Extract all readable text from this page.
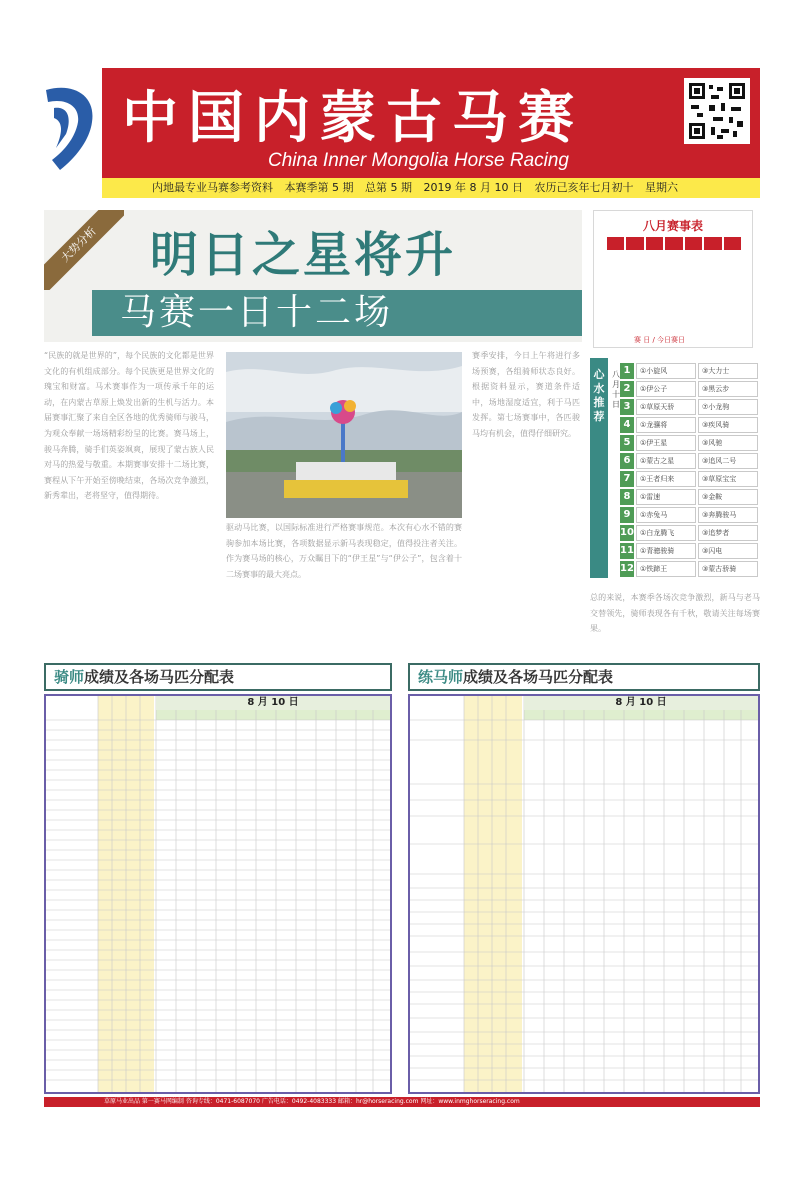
中国内蒙古马赛
China Inner Mongolia Horse Racing
内地最专业马赛参考资料 本赛季第 5 期 总第 5 期 2019 年 8 月 10 日 农历己亥年七月初十 星期六
大势分析	明日之星将升
马赛一日十二场
八月赛事表
赛 日 / 今日赛日
心水推荐
八月十日
1	①小旋风	③大力士
2	①伊公子	③黑云步
3	①草原天骄	⑦小龙驹
4	①龙骧将	③疾风骑
5	①伊王星	③风驰
6	①蒙古之星	③追风二号
7	①王者归来	③草原宝宝
8	①雷速	③金鞍
9	①赤兔马	③奔腾骏马
10 ①白龙腾飞	③追梦者
11 ①青骢骏骑	③闪电
12 ①铁蹄王	③蒙古骄骑
“民族的就是世界的”，每个民族的文化都是世界文化的有机组成部分。每个民族更是世界文化的瑰宝和财富。马术赛事作为一项传承千年的运动，在内蒙古草原上焕发出新的生机与活力。本届赛事汇聚了来自全区各地的优秀骑师与骏马，为观众奉献一场场精彩纷呈的比赛。赛马场上，骏马奔腾，骑手们英姿飒爽，展现了蒙古族人民对马的热爱与敬重。本期赛事安排十二场比赛，赛程从下午开始至傍晚结束，各场次竞争激烈，新秀辈出，老将坚守，值得期待。
驱动马比赛，以国际标准进行严格赛事规范。本次有心水不错的赛驹参加本场比赛，各项数据显示新马表现稳定，值得投注者关注。作为赛马场的核心，万众瞩目下的“伊王星”与“伊公子”，包含着十二场赛事的最大亮点。
赛季安排，今日上午将进行多场预赛，各组骑师状态良好。根据资料显示，赛道条件适中，场地湿度适宜，利于马匹发挥。第七场赛事中，各匹骏马均有机会，值得仔细研究。
总的来说，本赛季各场次竞争激烈，新马与老马交替领先，骑师表现各有千秋，敬请关注每场赛果。
骑师成绩及各场马匹分配表	练马师成绩及各场马匹分配表
8 月 10 日	8 月 10 日
草原马业出品 第一赛马网编制 咨询专线：0471-6087070 广告电话：0492-4083333 邮箱：hr@horseracing.com 网址：www.inmghorseracing.com
